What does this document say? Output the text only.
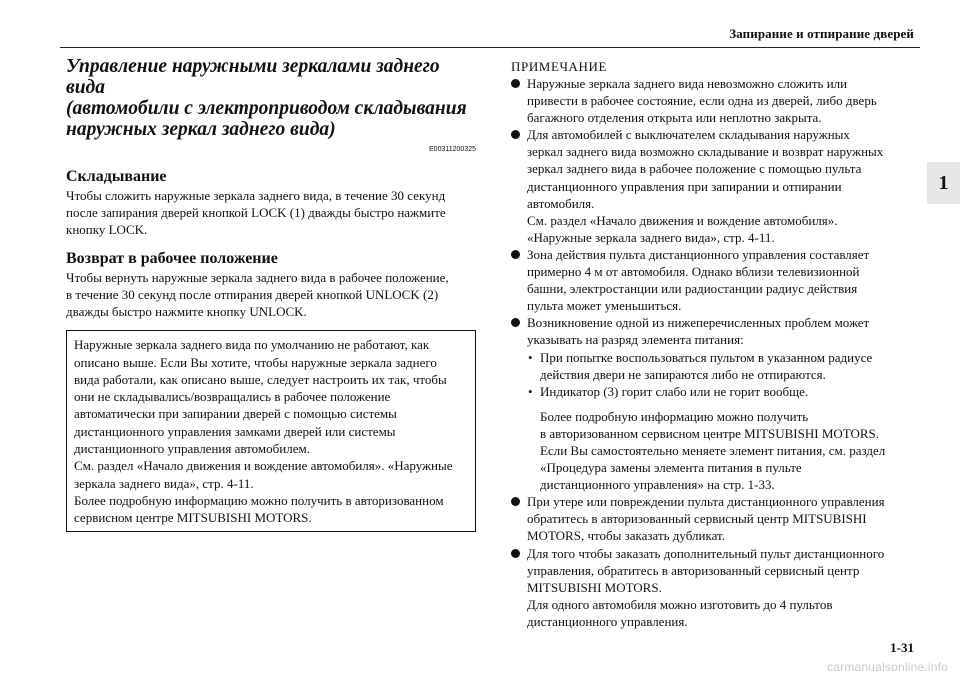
Запирание и отпирание дверей
1
Управление наружными зеркалами заднего вида
(автомобили с электроприводом складывания
наружных зеркал заднего вида)
E00311200325
Складывание
Чтобы сложить наружные зеркала заднего вида, в течение 30 секунд
после запирания дверей кнопкой LOCK (1) дважды быстро нажмите
кнопку LOCK.
Возврат в рабочее положение
Чтобы вернуть наружные зеркала заднего вида в рабочее положение,
в течение 30 секунд после отпирания дверей кнопкой UNLOCK (2)
дважды быстро нажмите кнопку UNLOCK.
Наружные зеркала заднего вида по умолчанию не работают, как
описано выше. Если Вы хотите, чтобы наружные зеркала заднего
вида работали, как описано выше, следует настроить их так, чтобы
они не складывались/возвращались в рабочее положение
автоматически при запирании дверей с помощью системы
дистанционного управления замками дверей или системы
дистанционного управления автомобилем.
См. раздел «Начало движения и вождение автомобиля». «Наружные
зеркала заднего вида», стр. 4-11.
Более подробную информацию можно получить в авторизованном
сервисном центре MITSUBISHI MOTORS.
ПРИМЕЧАНИЕ
Наружные зеркала заднего вида невозможно сложить или
привести в рабочее состояние, если одна из дверей, либо дверь
багажного отделения открыта или неплотно закрыта.
Для автомобилей с выключателем складывания наружных
зеркал заднего вида возможно складывание и возврат наружных
зеркал заднего вида в рабочее положение с помощью пульта
дистанционного управления при запирании и отпирании
автомобиля.
См. раздел «Начало движения и вождение автомобиля».
«Наружные зеркала заднего вида», стр. 4-11.
Зона действия пульта дистанционного управления составляет
примерно 4 м от автомобиля. Однако вблизи телевизионной
башни, электростанции или радиостанции радиус действия
пульта может уменьшиться.
Возникновение одной из нижеперечисленных проблем может
указывать на разряд элемента питания:
• При попытке воспользоваться пультом в указанном радиусе
действия двери не запираются либо не отпираются.
• Индикатор (3) горит слабо или не горит вообще.
Более подробную информацию можно получить
в авторизованном сервисном центре MITSUBISHI MOTORS.
Если Вы самостоятельно меняете элемент питания, см. раздел
«Процедура замены элемента питания в пульте
дистанционного управления» на стр. 1-33.
При утере или повреждении пульта дистанционного управления
обратитесь в авторизованный сервисный центр MITSUBISHI
MOTORS, чтобы заказать дубликат.
Для того чтобы заказать дополнительный пульт дистанционного
управления, обратитесь в авторизованный сервисный центр
MITSUBISHI MOTORS.
Для одного автомобиля можно изготовить до 4 пультов
дистанционного управления.
1-31
carmanualsonline.info
